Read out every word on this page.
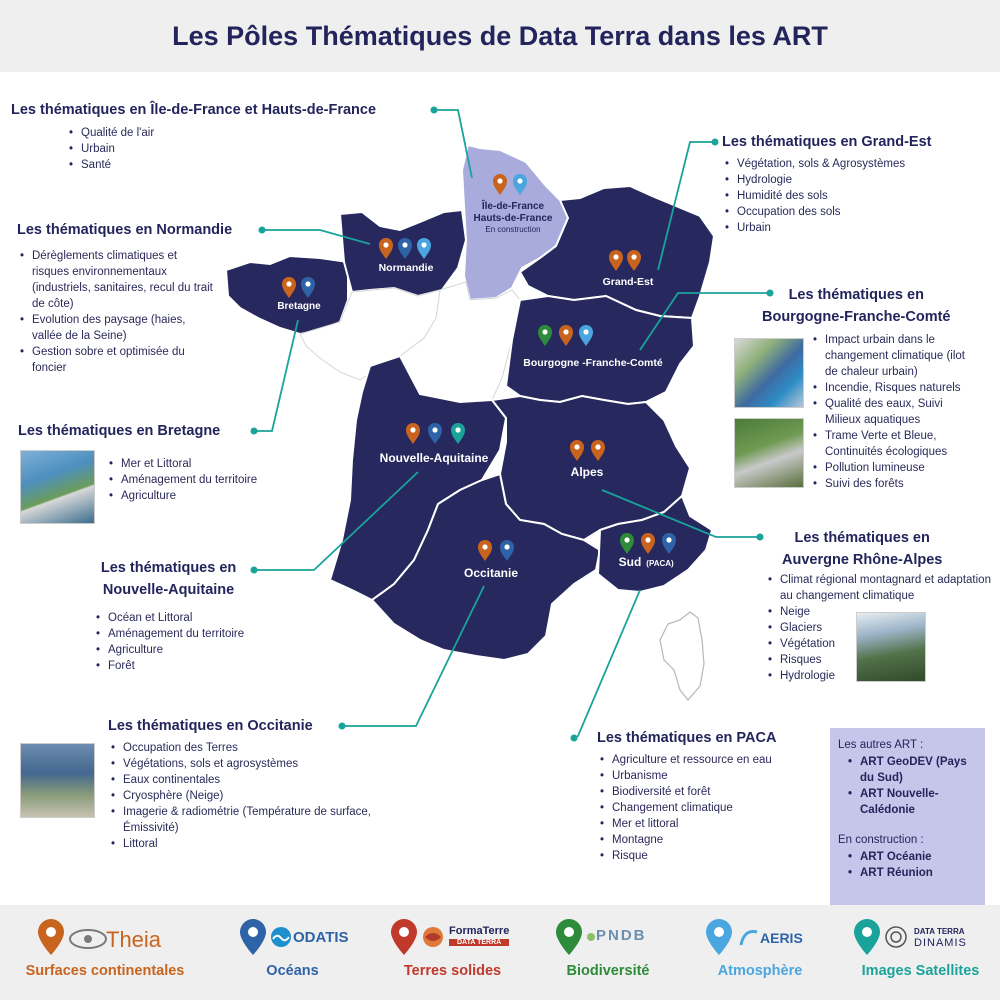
Les Pôles Thématiques de Data Terra dans les ART
Île-de-France
Hauts-de-France
En construction
Normandie
Bretagne
Grand-Est
Bourgogne -Franche-Comté
Nouvelle-Aquitaine
Alpes
Occitanie
Sud (PACA)
Les thématiques en Île-de-France et Hauts-de-France
• Qualité de l'air
• Urbain
• Santé
Les thématiques en Normandie
• Dérèglements climatiques et risques environnementaux (industriels, sanitaires, recul du trait de côte)
• Evolution des paysage (haies, vallée de la Seine)
• Gestion sobre et optimisée du foncier
Les thématiques en Bretagne
• Mer et Littoral
• Aménagement du territoire
• Agriculture
Les thématiques en
Nouvelle-Aquitaine
• Océan et Littoral
• Aménagement du territoire
• Agriculture
• Forêt
Les thématiques en Occitanie
• Occupation des Terres
• Végétations, sols et agrosystèmes
• Eaux continentales
• Cryosphère (Neige)
• Imagerie & radiométrie (Température de surface, Émissivité)
• Littoral
Les thématiques en Grand-Est
• Végétation, sols & Agrosystèmes
• Hydrologie
• Humidité des sols
• Occupation des sols
• Urbain
Les thématiques en
Bourgogne-Franche-Comté
• Impact urbain dans le changement climatique (ilot de chaleur urbain)
• Incendie, Risques naturels
• Qualité des eaux, Suivi Milieux aquatiques
• Trame Verte et Bleue, Continuités écologiques
• Pollution lumineuse
• Suivi des forêts
Les thématiques en
Auvergne Rhône-Alpes
• Climat régional montagnard et adaptation au changement climatique
• Neige
• Glaciers
• Végétation
• Risques
• Hydrologie
Les thématiques en PACA
• Agriculture et ressource en eau
• Urbanisme
• Biodiversité et forêt
• Changement climatique
• Mer et littoral
• Montagne
• Risque

Les autres ART :

• ART GeoDEV (Pays du Sud)
• ART Nouvelle-Calédonie

En construction :

• ART Océanie
• ART Réunion
Theia
Surfaces continentales
ODATIS
Océans
FormaTerre
DATA TERRA
Terres solides
PNDB
Biodiversité
AERIS
Atmosphère
DATA TERRA
DINAMIS
Images Satellites
